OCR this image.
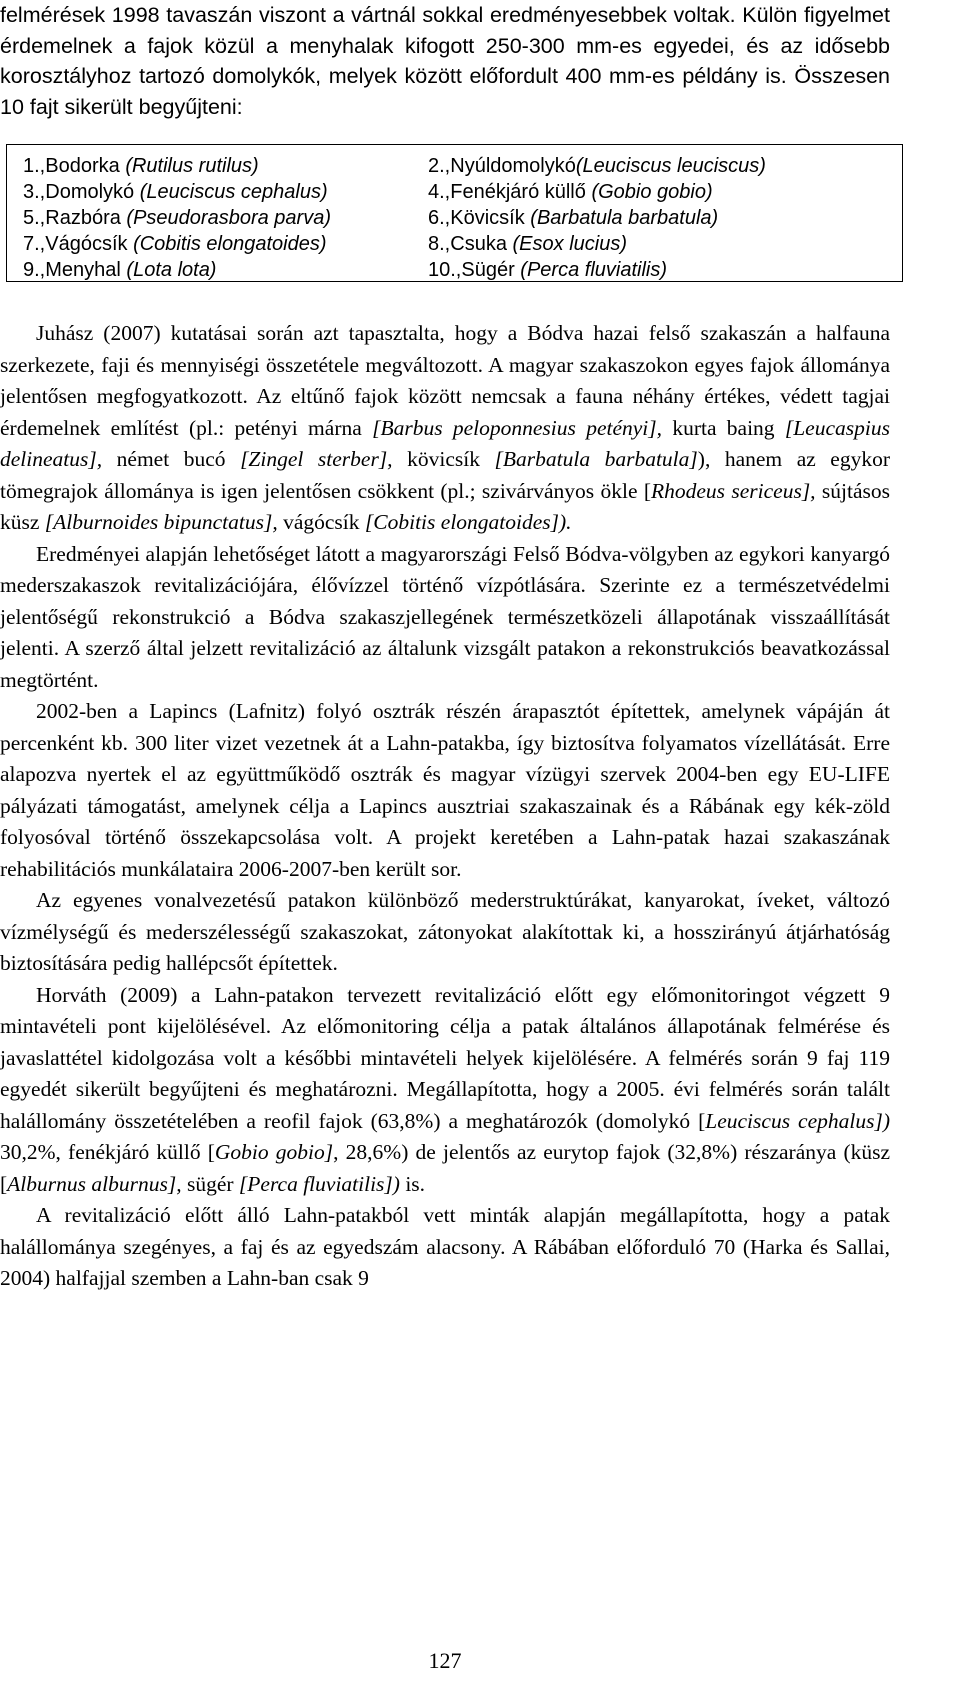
felmérések 1998 tavaszán viszont a vártnál sokkal eredményesebbek voltak. Külön figyelmet érdemelnek a fajok közül a menyhalak kifogott 250-300 mm-es egyedei, és az idősebb korosztályhoz tartozó domolykók, melyek között előfordult 400 mm-es példány is. Összesen 10 fajt sikerült begyűjteni:

1.,Bodorka (Rutilus rutilus)	2.,Nyúldomolykó(Leuciscus leuciscus)
3.,Domolykó (Leuciscus cephalus)	4.,Fenékjáró küllő (Gobio gobio)
5.,Razbóra (Pseudorasbora parva)	6.,Kövicsík (Barbatula barbatula)
7.,Vágócsík (Cobitis elongatoides)	8.,Csuka (Esox lucius)
9.,Menyhal (Lota lota)	10.,Sügér (Perca fluviatilis)

Juhász (2007) kutatásai során azt tapasztalta, hogy a Bódva hazai felső szakaszán a halfauna szerkezete, faji és mennyiségi összetétele megváltozott. A magyar szakaszokon egyes fajok állománya jelentősen megfogyatkozott. Az eltűnő fajok között nemcsak a fauna néhány értékes, védett tagjai érdemelnek említést (pl.: petényi márna [Barbus peloponnesius petényi], kurta baing [Leucaspius delineatus], német bucó [Zingel sterber], kövicsík [Barbatula barbatula]), hanem az egykor tömegrajok állománya is igen jelentősen csökkent (pl.; szivárványos ökle [Rhodeus sericeus], sújtásos küsz [Alburnoides bipunctatus], vágócsík [Cobitis elongatoides]).

Eredményei alapján lehetőséget látott a magyarországi Felső Bódva-völgyben az egykori kanyargó mederszakaszok revitalizációjára, élővízzel történő vízpótlására. Szerinte ez a természetvédelmi jelentőségű rekonstrukció a Bódva szakaszjellegének természetközeli állapotának visszaállítását jelenti. A szerző által jelzett revitalizáció az általunk vizsgált patakon a rekonstrukciós beavatkozással megtörtént.

2002-ben a Lapincs (Lafnitz) folyó osztrák részén árapasztót építettek, amelynek vápáján át percenként kb. 300 liter vizet vezetnek át a Lahn-patakba, így biztosítva folyamatos vízellátását. Erre alapozva nyertek el az együttműködő osztrák és magyar vízügyi szervek 2004-ben egy EU-LIFE pályázati támogatást, amelynek célja a Lapincs ausztriai szakaszainak és a Rábának egy kék-zöld folyosóval történő összekapcsolása volt. A projekt keretében a Lahn-patak hazai szakaszának rehabilitációs munkálataira 2006-2007-ben került sor.

Az egyenes vonalvezetésű patakon különböző mederstruktúrákat, kanyarokat, íveket, változó vízmélységű és mederszélességű szakaszokat, zátonyokat alakítottak ki, a hosszirányú átjárhatóság biztosítására pedig hallépcsőt építettek.

Horváth (2009) a Lahn-patakon tervezett revitalizáció előtt egy előmonitoringot végzett 9 mintavételi pont kijelölésével. Az előmonitoring célja a patak általános állapotának felmérése és javaslattétel kidolgozása volt a későbbi mintavételi helyek kijelölésére. A felmérés során 9 faj 119 egyedét sikerült begyűjteni és meghatározni. Megállapította, hogy a 2005. évi felmérés során talált halállomány összetételében a reofil fajok (63,8%) a meghatározók (domolykó [Leuciscus cephalus]) 30,2%, fenékjáró küllő [Gobio gobio], 28,6%) de jelentős az eurytop fajok (32,8%) részaránya (küsz [Alburnus alburnus], sügér [Perca fluviatilis]) is.

A revitalizáció előtt álló Lahn-patakból vett minták alapján megállapította, hogy a patak halállománya szegényes, a faj és az egyedszám alacsony. A Rábában előforduló 70 (Harka és Sallai, 2004) halfajjal szemben a Lahn-ban csak 9

127
